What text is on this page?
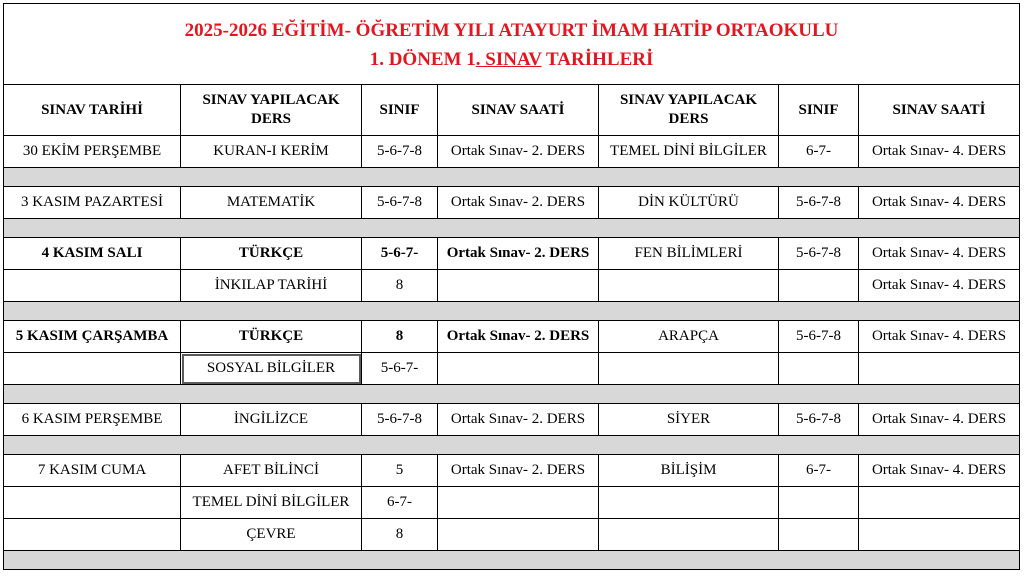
2025-2026 EĞİTİM- ÖĞRETİM YILI ATAYURT İMAM HATİP ORTAOKULU
1. DÖNEM 1. SINAV TARİHLERİ						

SINAV TARİHİ	SINAV YAPILACAK DERS	SINIF	SINAV SAATİ	SINAV YAPILACAK DERS	SINIF	SINAV SAATİ
30 EKİM PERŞEMBE	KURAN-I KERİM	5-6-7-8	Ortak Sınav- 2. DERS	TEMEL DİNİ BİLGİLER	6-7-	Ortak Sınav- 4. DERS

3 KASIM PAZARTESİ	MATEMATİK	5-6-7-8	Ortak Sınav- 2. DERS	DİN KÜLTÜRÜ	5-6-7-8	Ortak Sınav- 4. DERS

4 KASIM SALI	TÜRKÇE	5-6-7-	Ortak Sınav- 2. DERS	FEN BİLİMLERİ	5-6-7-8	Ortak Sınav- 4. DERS
	İNKILAP TARİHİ	8				Ortak Sınav- 4. DERS

5 KASIM ÇARŞAMBA	TÜRKÇE	8	Ortak Sınav- 2. DERS	ARAPÇA	5-6-7-8	Ortak Sınav- 4. DERS
	SOSYAL BİLGİLER	5-6-7-				

6 KASIM PERŞEMBE	İNGİLİZCE	5-6-7-8	Ortak Sınav- 2. DERS	SİYER	5-6-7-8	Ortak Sınav- 4. DERS

7 KASIM CUMA	AFET BİLİNCİ	5	Ortak Sınav- 2. DERS	BİLİŞİM	6-7-	Ortak Sınav- 4. DERS
	TEMEL DİNİ BİLGİLER	6-7-				
	ÇEVRE	8				
